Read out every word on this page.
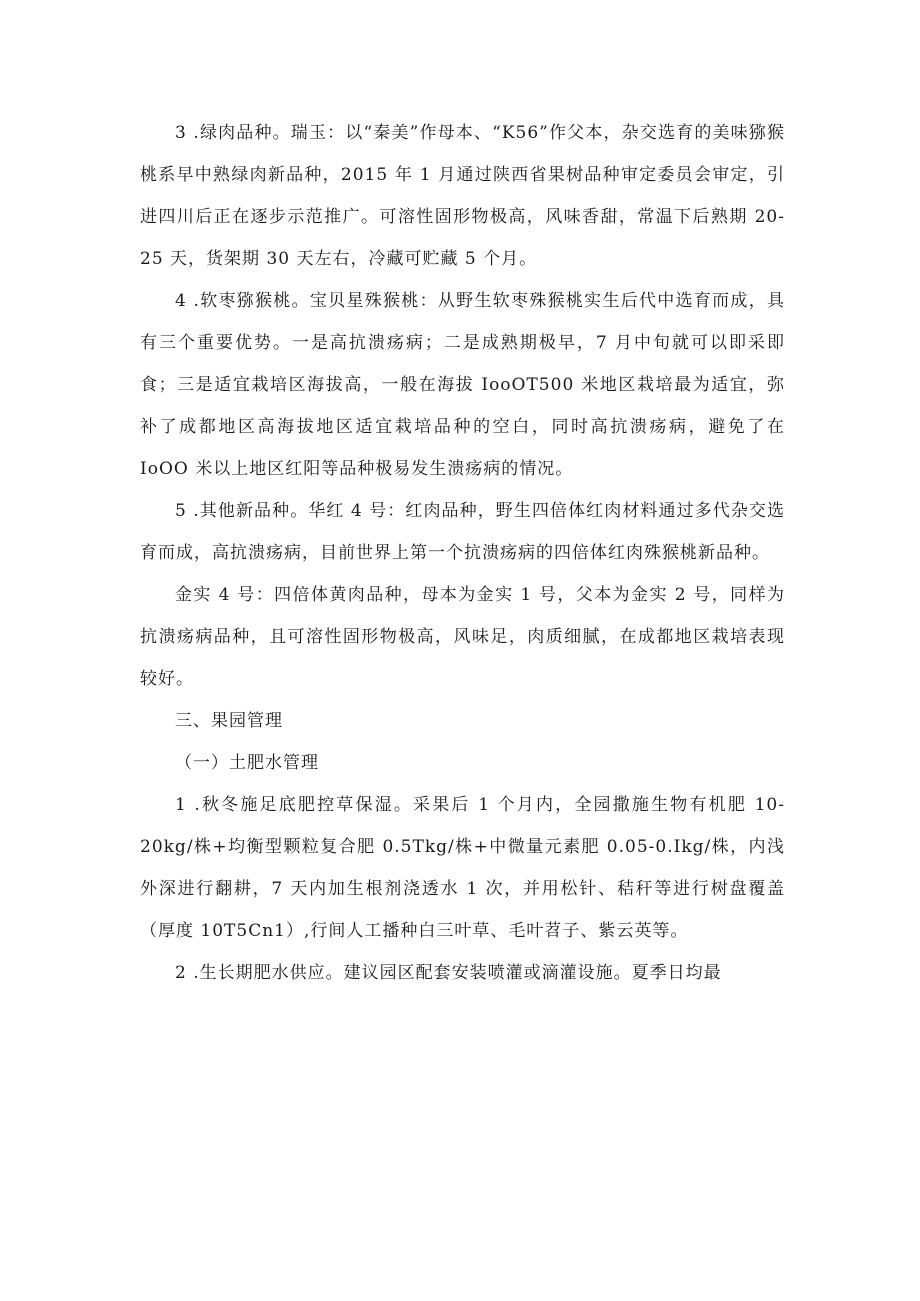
3 .绿肉品种。瑞玉：以“秦美”作母本、“K56”作父本，杂交选育的美味猕猴桃系早中熟绿肉新品种，2015 年 1 月通过陕西省果树品种审定委员会审定，引进四川后正在逐步示范推广。可溶性固形物极高，风味香甜，常温下后熟期 20-25 天，货架期 30 天左右，冷藏可贮藏 5 个月。

4 .软枣猕猴桃。宝贝星殊猴桃：从野生软枣殊猴桃实生后代中选育而成，具有三个重要优势。一是高抗溃疡病；二是成熟期极早，7 月中旬就可以即采即食；三是适宜栽培区海拔高，一般在海拔 IooOT500 米地区栽培最为适宜，弥补了成都地区高海拔地区适宜栽培品种的空白，同时高抗溃疡病，避免了在 IoOO 米以上地区红阳等品种极易发生溃疡病的情况。

5 .其他新品种。华红 4 号：红肉品种，野生四倍体红肉材料通过多代杂交选育而成，高抗溃疡病，目前世界上第一个抗溃疡病的四倍体红肉殊猴桃新品种。

金实 4 号：四倍体黄肉品种，母本为金实 1 号，父本为金实 2 号，同样为抗溃疡病品种，且可溶性固形物极高，风味足，肉质细腻，在成都地区栽培表现较好。

三、果园管理

（一）土肥水管理

1 .秋冬施足底肥控草保湿。采果后 1 个月内，全园撒施生物有机肥 10-20kg/株+均衡型颗粒复合肥 0.5Tkg/株+中微量元素肥 0.05-0.Ikg/株，内浅外深进行翻耕，7 天内加生根剂浇透水 1 次，并用松针、秸秆等进行树盘覆盖（厚度 10T5Cn1）,行间人工播种白三叶草、毛叶苕子、紫云英等。

2 .生长期肥水供应。建议园区配套安装喷灌或滴灌设施。夏季日均最
